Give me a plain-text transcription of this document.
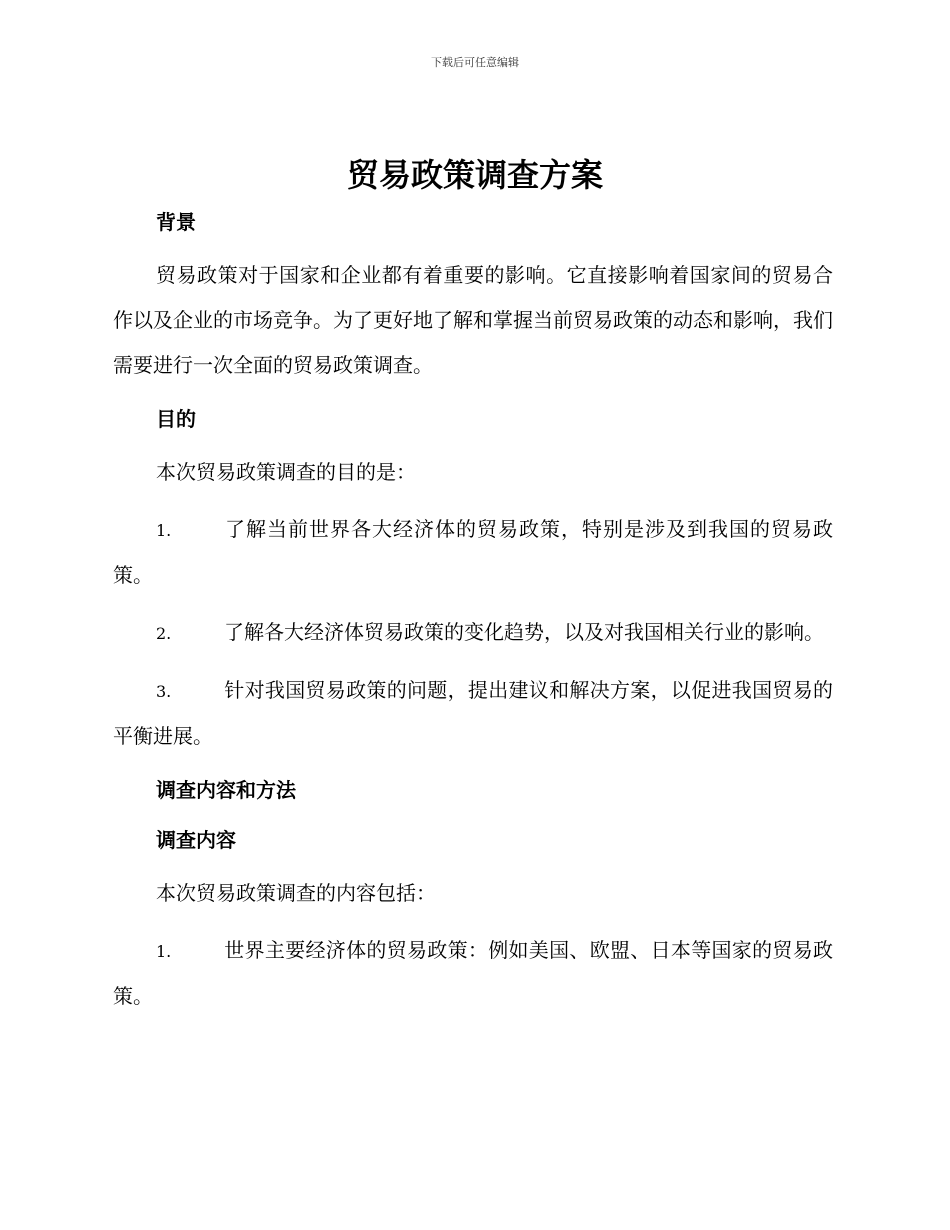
下载后可任意编辑
贸易政策调查方案

背景

贸易政策对于国家和企业都有着重要的影响。它直接影响着国家间的贸易合作以及企业的市场竞争。为了更好地了解和掌握当前贸易政策的动态和影响，我们需要进行一次全面的贸易政策调查。

目的

本次贸易政策调查的目的是：

1.	了解当前世界各大经济体的贸易政策，特别是涉及到我国的贸易政策。

2.	了解各大经济体贸易政策的变化趋势，以及对我国相关行业的影响。

3.	针对我国贸易政策的问题，提出建议和解决方案，以促进我国贸易的平衡进展。

调查内容和方法

调查内容

本次贸易政策调查的内容包括：

1.	世界主要经济体的贸易政策：例如美国、欧盟、日本等国家的贸易政策。
